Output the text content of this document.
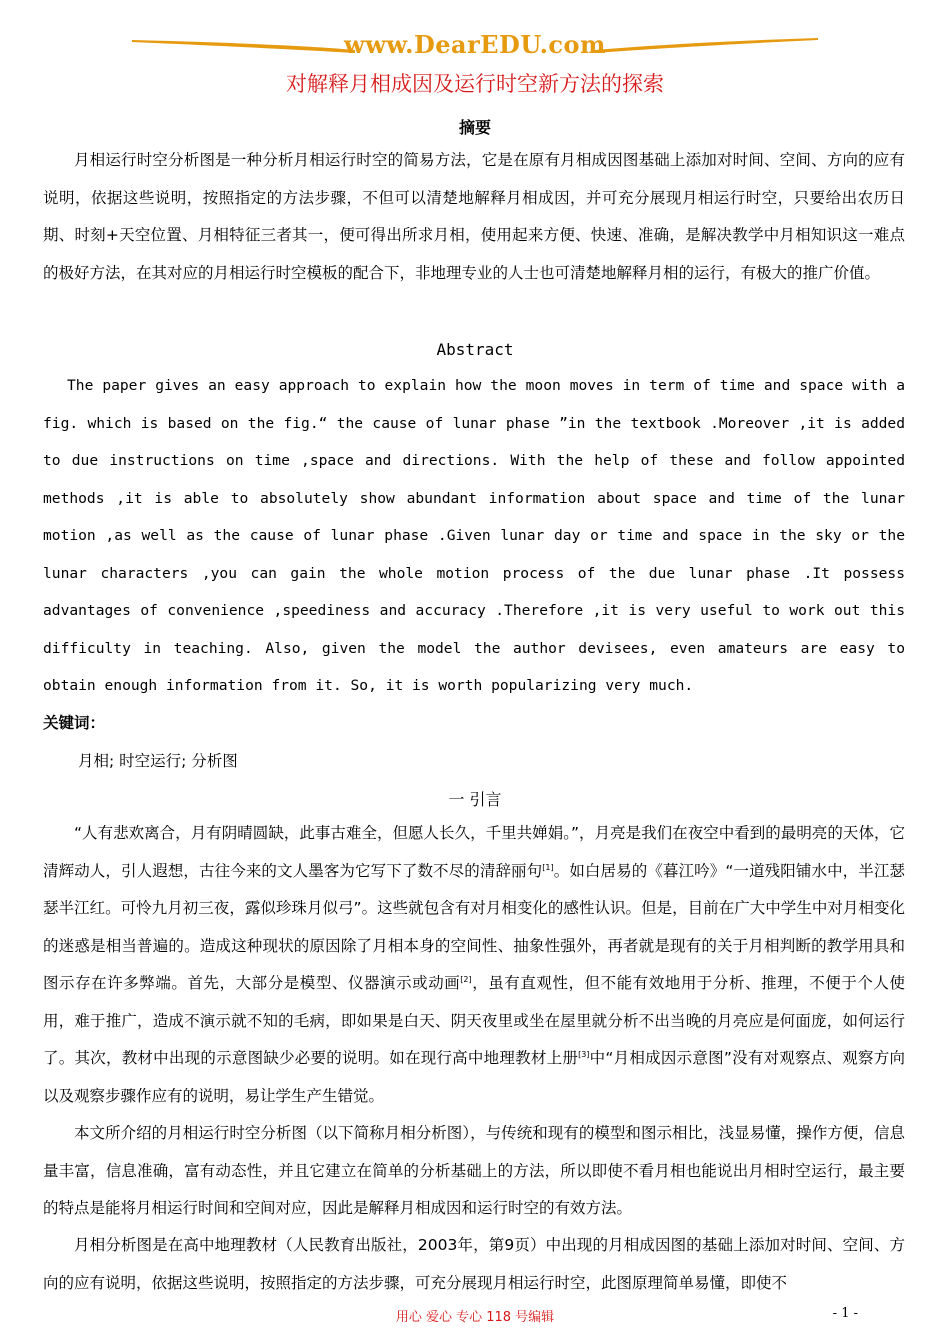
www.DearEDU.com
对解释月相成因及运行时空新方法的探索
摘要
月相运行时空分析图是一种分析月相运行时空的简易方法，它是在原有月相成因图基础上添加对时间、空间、方向的应有说明，依据这些说明，按照指定的方法步骤，不但可以清楚地解释月相成因，并可充分展现月相运行时空，只要给出农历日期、时刻+天空位置、月相特征三者其一，便可得出所求月相，使用起来方便、快速、准确，是解决教学中月相知识这一难点的极好方法，在其对应的月相运行时空模板的配合下，非地理专业的人士也可清楚地解释月相的运行，有极大的推广价值。
Abstract
The paper gives an easy approach to explain how the moon moves in term of time and space with a fig. which is based on the fig.“ the cause of lunar phase ”in the textbook .Moreover ,it is added to due instructions on time ,space and directions. With the help of these and follow appointed methods ,it is able to absolutely show abundant information about space and time of the lunar motion ,as well as the cause of lunar phase .Given lunar day or time and space in the sky or the lunar characters ,you can gain the whole motion process of the due lunar phase .It possess advantages of convenience ,speediness and accuracy .Therefore ,it is very useful to work out this difficulty in teaching. Also, given the model the author devisees, even amateurs are easy to obtain enough information from it. So, it is worth popularizing very much.
关键词：
月相; 时空运行; 分析图
一 引言
“人有悲欢离合，月有阴晴圆缺，此事古难全，但愿人长久，千里共婵娟。”，月亮是我们在夜空中看到的最明亮的天体，它清辉动人，引人遐想，古往今来的文人墨客为它写下了数不尽的清辞丽句[1]。如白居易的《暮江吟》“一道残阳铺水中，半江瑟瑟半江红。可怜九月初三夜，露似珍珠月似弓”。这些就包含有对月相变化的感性认识。但是，目前在广大中学生中对月相变化的迷惑是相当普遍的。造成这种现状的原因除了月相本身的空间性、抽象性强外，再者就是现有的关于月相判断的教学用具和图示存在许多弊端。首先，大部分是模型、仪器演示或动画[2]，虽有直观性，但不能有效地用于分析、推理，不便于个人使用，难于推广，造成不演示就不知的毛病，即如果是白天、阴天夜里或坐在屋里就分析不出当晚的月亮应是何面庞，如何运行了。其次，教材中出现的示意图缺少必要的说明。如在现行高中地理教材上册[3]中“月相成因示意图”没有对观察点、观察方向以及观察步骤作应有的说明，易让学生产生错觉。
本文所介绍的月相运行时空分析图（以下简称月相分析图），与传统和现有的模型和图示相比，浅显易懂，操作方便，信息量丰富，信息准确，富有动态性，并且它建立在简单的分析基础上的方法，所以即使不看月相也能说出月相时空运行，最主要的特点是能将月相运行时间和空间对应，因此是解释月相成因和运行时空的有效方法。
月相分析图是在高中地理教材（人民教育出版社，2003年，第9页）中出现的月相成因图的基础上添加对时间、空间、方向的应有说明，依据这些说明，按照指定的方法步骤，可充分展现月相运行时空，此图原理简单易懂，即使不
用心 爱心 专心 118 号编辑	- 1 -
